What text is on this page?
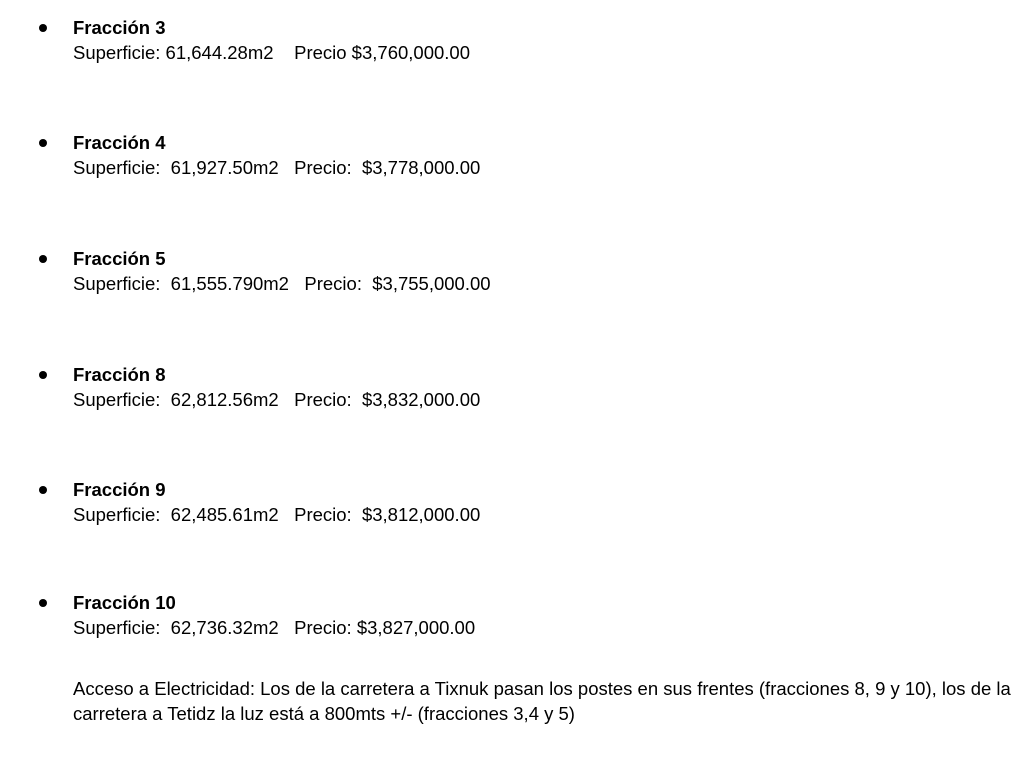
Fracción 3
Superficie: 61,644.28m2    Precio $3,760,000.00
Fracción 4
Superficie:  61,927.50m2   Precio:  $3,778,000.00
Fracción 5
Superficie:  61,555.790m2   Precio:  $3,755,000.00
Fracción 8
Superficie:  62,812.56m2   Precio:  $3,832,000.00
Fracción 9
Superficie:  62,485.61m2   Precio:  $3,812,000.00
Fracción 10
Superficie:  62,736.32m2   Precio: $3,827,000.00
Acceso a Electricidad: Los de la carretera a Tixnuk pasan los postes en sus frentes (fracciones 8, 9 y 10), los de la carretera a Tetidz la luz está a 800mts +/- (fracciones 3,4 y 5)
